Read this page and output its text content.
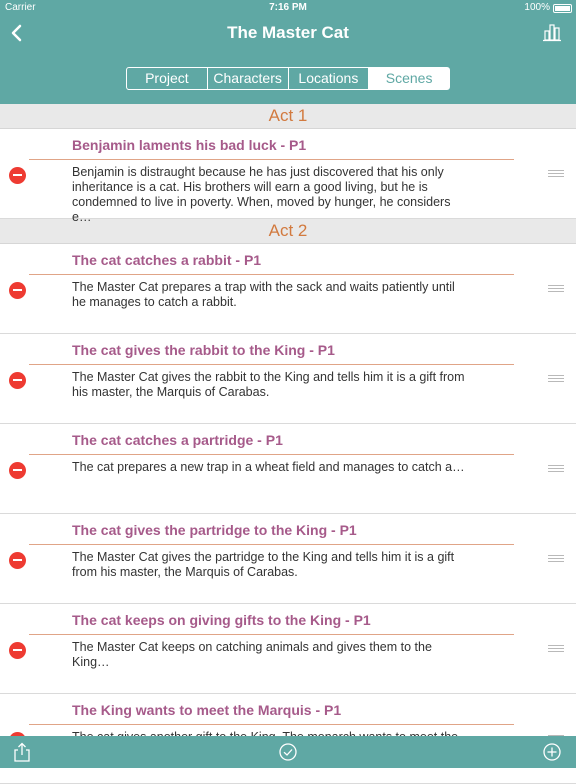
Carrier	7:16 PM	100%
The Master Cat
Project	Characters	Locations	Scenes
Act 1
Benjamin laments his bad luck - P1
Benjamin is distraught because he has just discovered that his only inheritance is a cat. His brothers will earn a good living, but he is condemned to live in poverty. When, moved by hunger, he considers e…
Act 2
The cat catches a rabbit - P1
The Master Cat prepares a trap with the sack and waits patiently until he manages to catch a rabbit.
The cat gives the rabbit to the King - P1
The Master Cat gives the rabbit to the King and tells him it is a gift from his master, the Marquis of Carabas.
The cat catches a partridge - P1
The cat prepares a new trap in a wheat field and manages to catch a…
The cat gives the partridge to the King - P1
The Master Cat gives the partridge to the King and tells him it is a gift from his master, the Marquis of Carabas.
The cat keeps on giving gifts to the King - P1
The Master Cat keeps on catching animals and gives them to the King…
The King wants to meet the Marquis - P1
